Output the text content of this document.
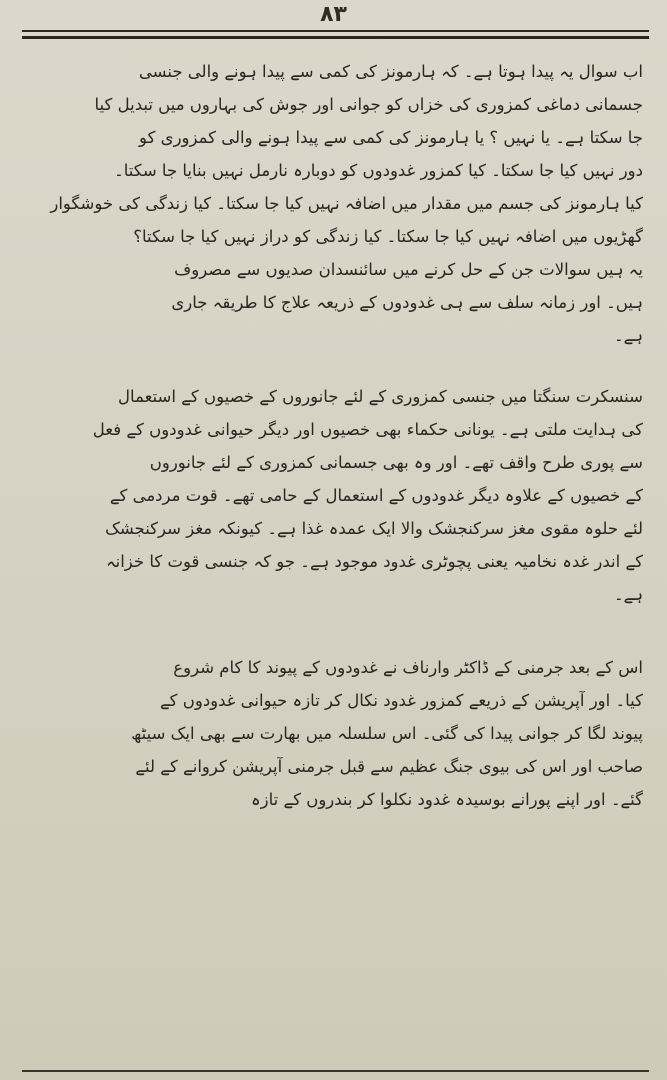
۸۳
اب سوال یہ پیدا ہوتا ہے۔ کہ ہارمونز کی کمی سے پیدا ہونے والی جنسی
جسمانی دماغی کمزوری کی خزاں کو جوانی اور جوش کی بہاروں میں تبدیل کیا
جا سکتا ہے۔ یا نہیں ؟ یا ہارمونز کی کمی سے پیدا ہونے والی کمزوری کو
دور نہیں کیا جا سکتا۔ کیا کمزور غدودوں کو دوبارہ نارمل نہیں بنایا جا سکتا۔
کیا ہارمونز کی جسم میں مقدار میں اضافہ نہیں کیا جا سکتا۔ کیا زندگی کی خوشگوار
گھڑیوں میں اضافہ نہیں کیا جا سکتا۔ کیا زندگی کو دراز نہیں کیا جا سکتا؟
یہ ہیں سوالات جن کے حل کرنے میں سائنسدان صدیوں سے مصروف
ہیں۔ اور زمانہ سلف سے ہی غدودوں کے ذریعہ علاج کا طریقہ جاری
ہے۔
سنسکرت سنگتا میں جنسی کمزوری کے لئے جانوروں کے خصیوں کے استعمال
کی ہدایت ملتی ہے۔ یونانی حکماء بھی خصیوں اور دیگر حیوانی غدودوں کے فعل
سے پوری طرح واقف تھے۔ اور وہ بھی جسمانی کمزوری کے لئے جانوروں
کے خصیوں کے علاوہ دیگر غدودوں کے استعمال کے حامی تھے۔ قوت مردمی کے
لئے حلوہ مقوی مغز سرکنجشک والا ایک عمدہ غذا ہے۔ کیونکہ مغز سرکنجشک
کے اندر غدہ نخامیہ یعنی پچوٹری غدود موجود ہے۔ جو کہ جنسی قوت کا خزانہ
ہے۔
اس کے بعد جرمنی کے ڈاکٹر وارناف نے غدودوں کے پیوند کا کام شروع
کیا۔ اور آپریشن کے ذریعے کمزور غدود نکال کر تازہ حیوانی غدودوں کے
پیوند لگا کر جوانی پیدا کی گئی۔ اس سلسلہ میں بھارت سے بھی ایک سیٹھ
صاحب اور اس کی بیوی جنگ عظیم سے قبل جرمنی آپریشن کروانے کے لئے
گئے۔ اور اپنے پورانے بوسیدہ غدود نکلوا کر بندروں کے تازہ
